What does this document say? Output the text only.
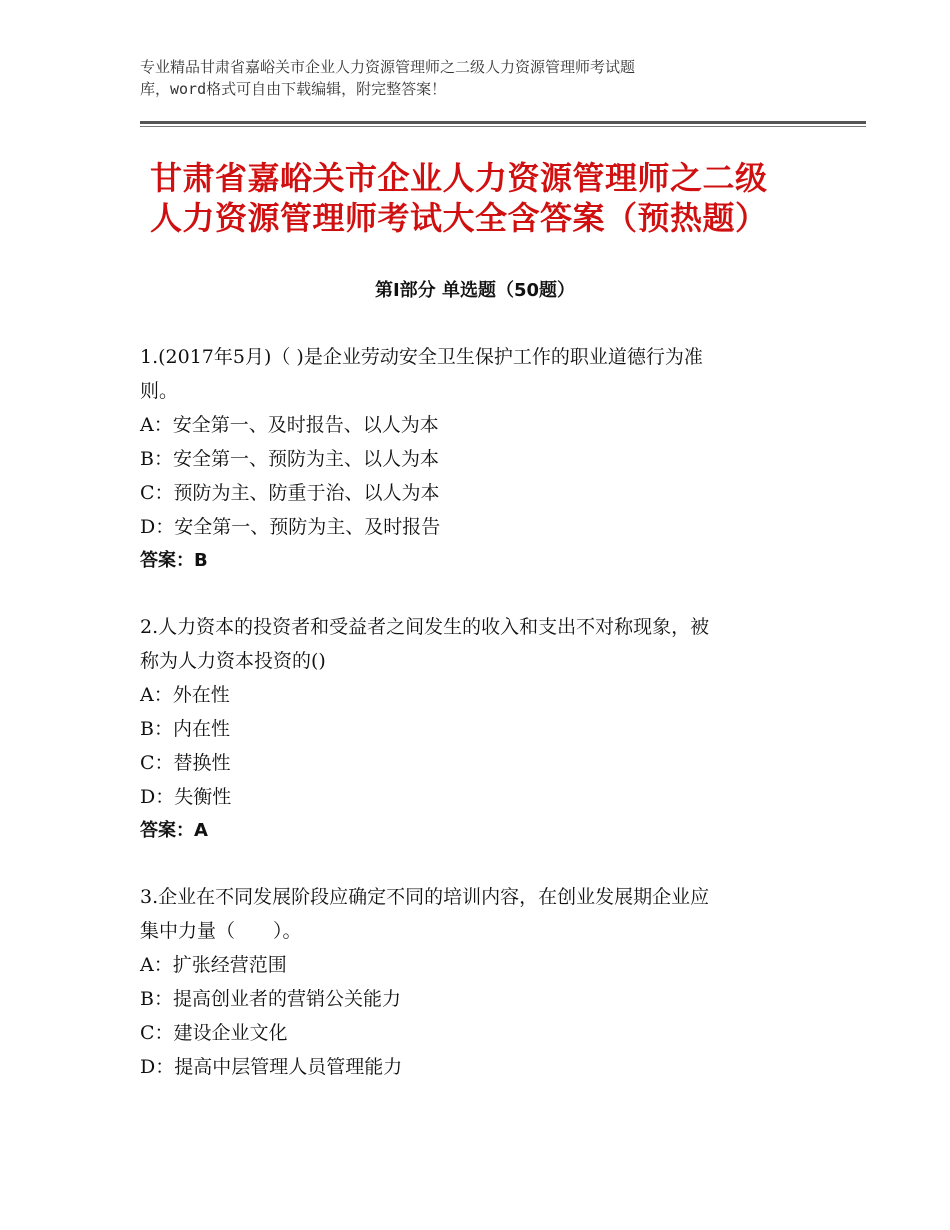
专业精品甘肃省嘉峪关市企业人力资源管理师之二级人力资源管理师考试题
库，word格式可自由下载编辑，附完整答案！
甘肃省嘉峪关市企业人力资源管理师之二级
人力资源管理师考试大全含答案（预热题）
第Ⅰ部分 单选题（50题）

1.(2017年5月)（ )是企业劳动安全卫生保护工作的职业道德行为准

则。

A：安全第一、及时报告、以人为本

B：安全第一、预防为主、以人为本

C：预防为主、防重于治、以人为本

D：安全第一、预防为主、及时报告

答案：B

2.人力资本的投资者和受益者之间发生的收入和支出不对称现象，被

称为人力资本投资的()

A：外在性

B：内在性

C：替换性

D：失衡性

答案：A

3.企业在不同发展阶段应确定不同的培训内容，在创业发展期企业应

集中力量（　　）。

A：扩张经营范围

B：提高创业者的营销公关能力

C：建设企业文化

D：提高中层管理人员管理能力
